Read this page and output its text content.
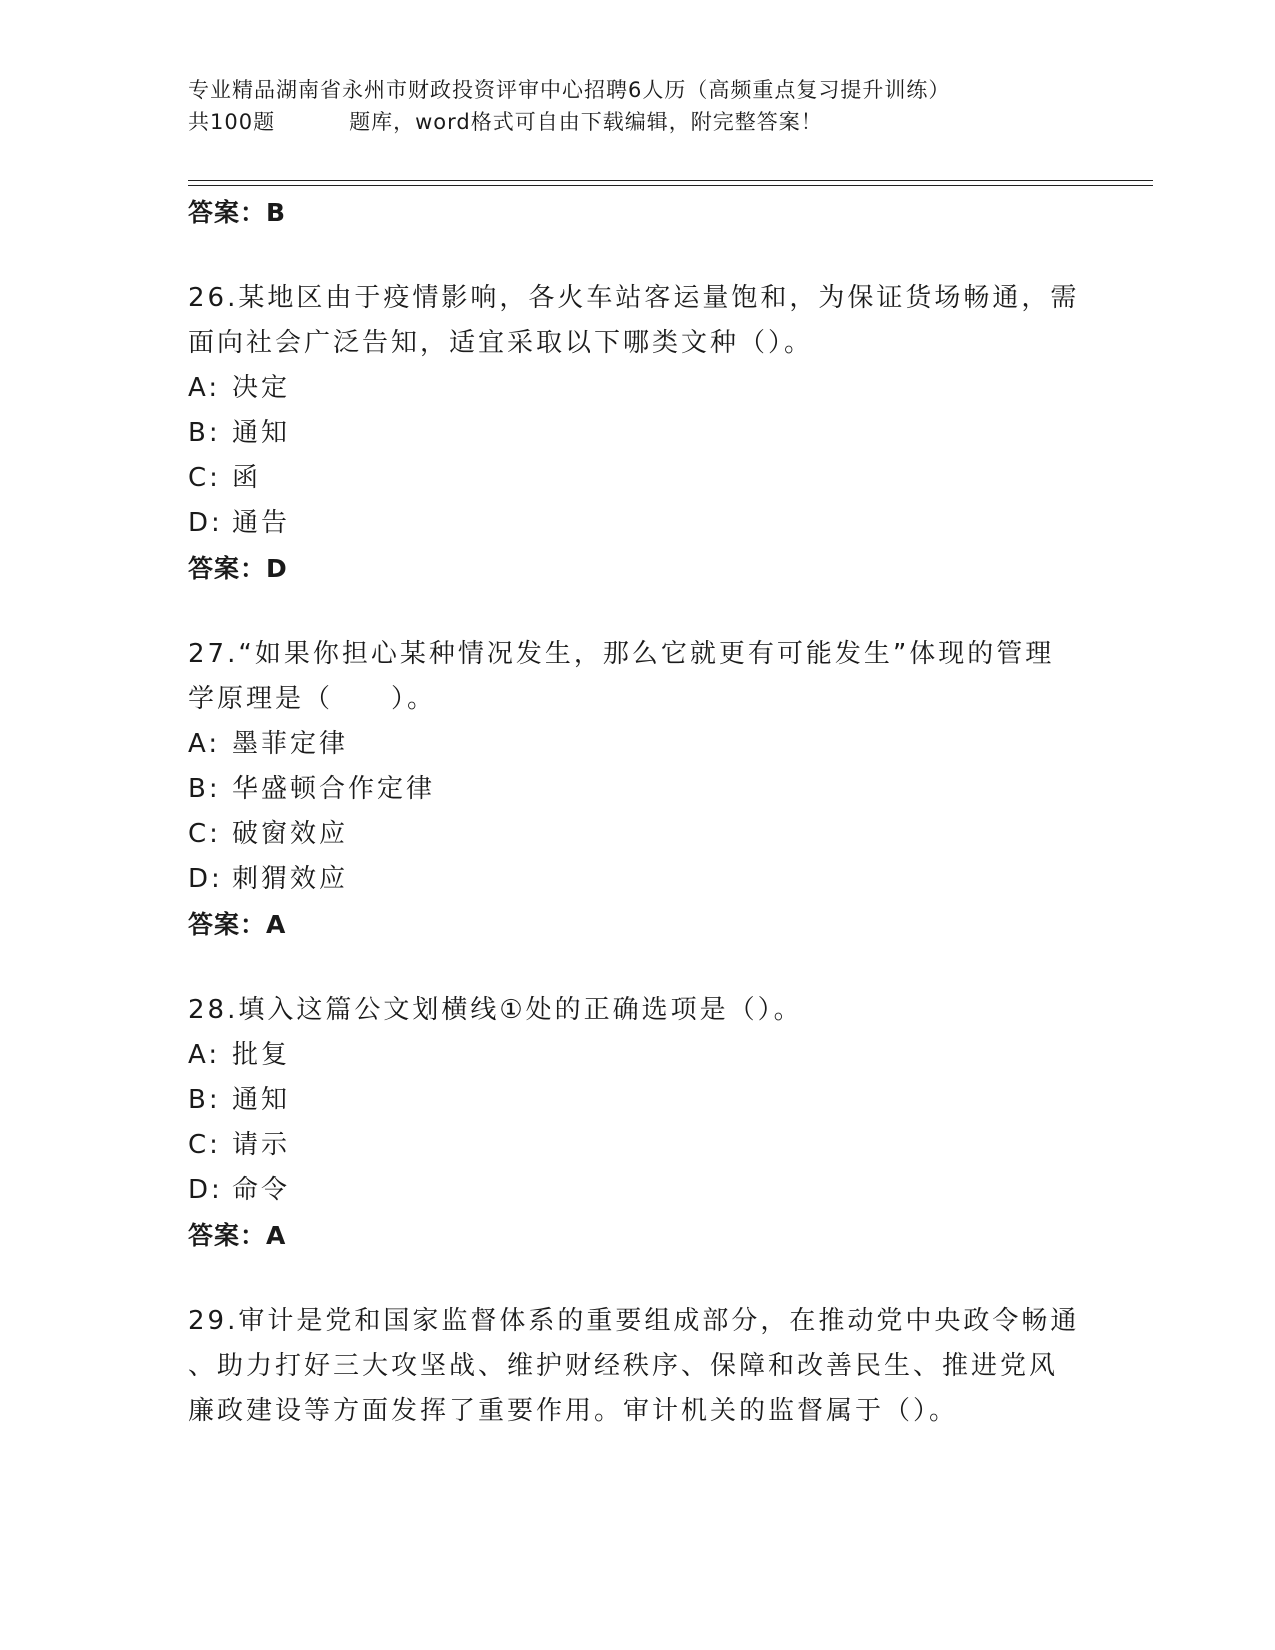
专业精品湖南省永州市财政投资评审中心招聘6人历（高频重点复习提升训练）
共100题	题库，word格式可自由下载编辑，附完整答案！
答案：B
26.某地区由于疫情影响，各火车站客运量饱和，为保证货场畅通，需
面向社会广泛告知，适宜采取以下哪类文种（）。
A: 决定
B: 通知
C: 函
D: 通告
答案：D
27.“如果你担心某种情况发生，那么它就更有可能发生”体现的管理
学原理是（　　）。
A: 墨菲定律
B: 华盛顿合作定律
C: 破窗效应
D: 刺猬效应
答案：A
28.填入这篇公文划横线①处的正确选项是（）。
A: 批复
B: 通知
C: 请示
D: 命令
答案：A
29.审计是党和国家监督体系的重要组成部分，在推动党中央政令畅通
、助力打好三大攻坚战、维护财经秩序、保障和改善民生、推进党风
廉政建设等方面发挥了重要作用。审计机关的监督属于（）。
